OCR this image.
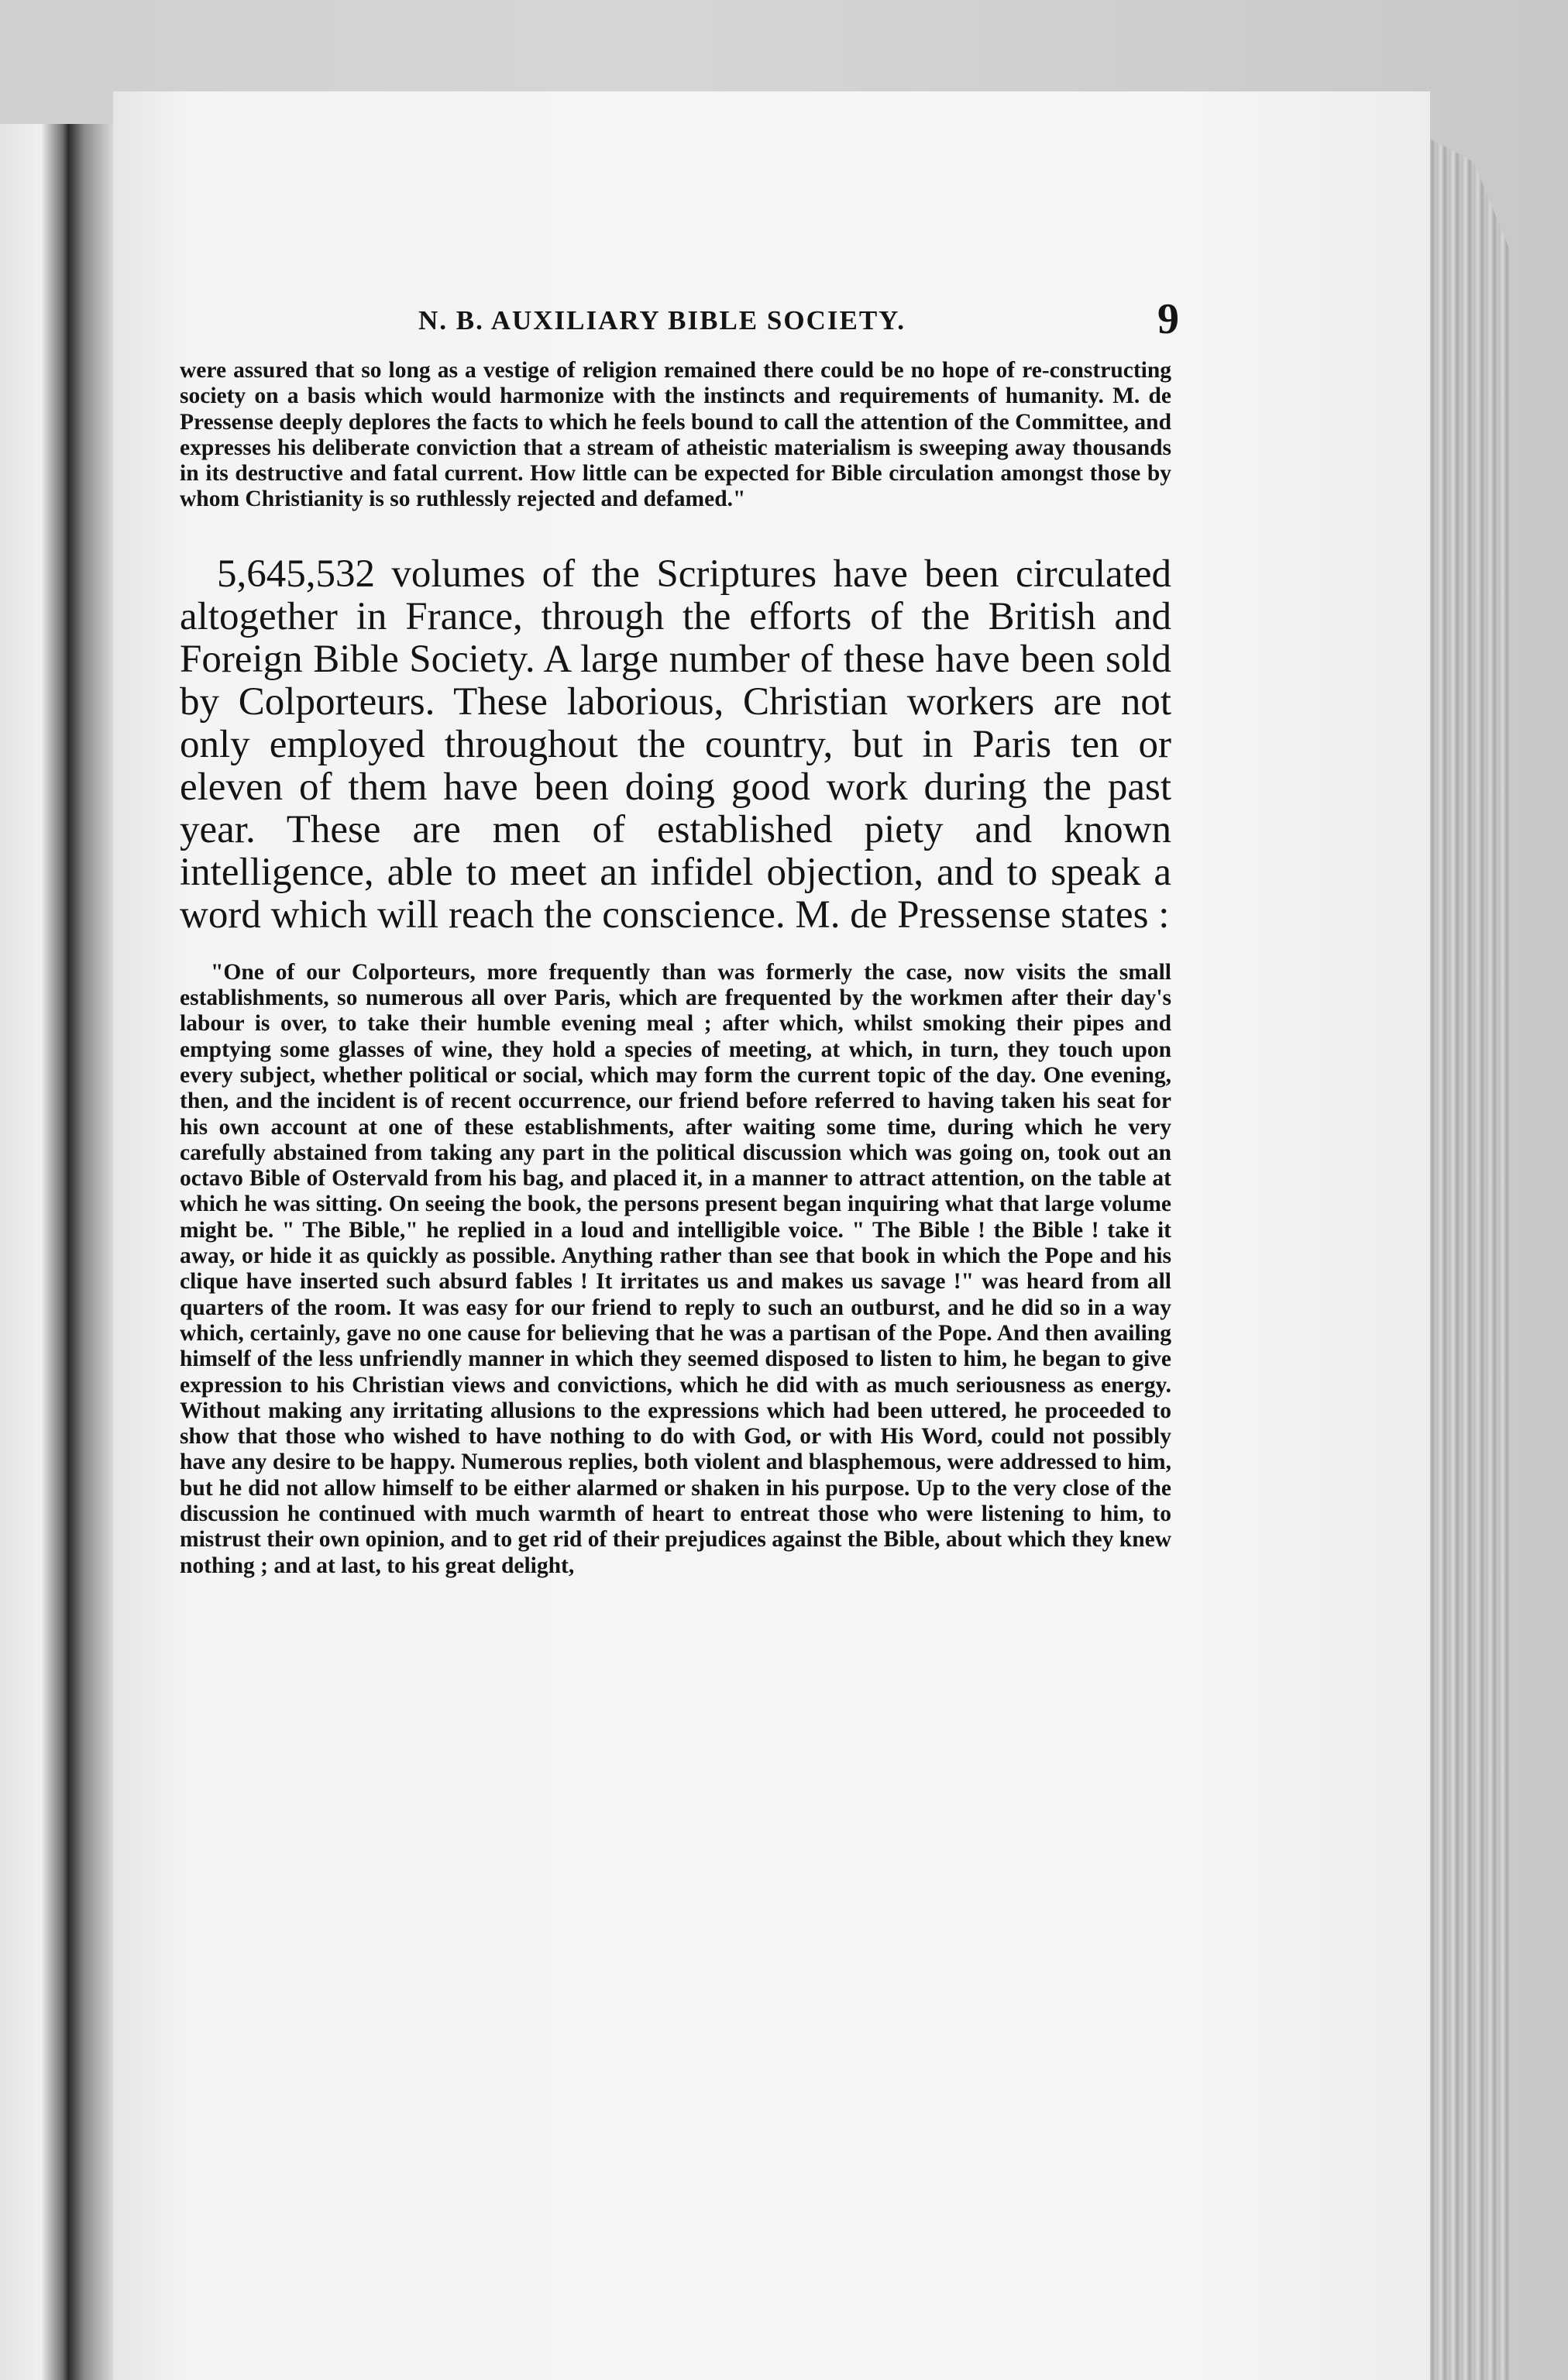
N. B. AUXILIARY BIBLE SOCIETY.	9

were assured that so long as a vestige of religion remained there could be no hope of re-constructing society on a basis which would harmonize with the instincts and requirements of humanity. M. de Pressense deeply deplores the facts to which he feels bound to call the attention of the Committee, and expresses his deliberate conviction that a stream of atheistic materialism is sweeping away thousands in its destructive and fatal current. How little can be expected for Bible circulation amongst those by whom Christianity is so ruthlessly rejected and defamed."

5,645,532 volumes of the Scriptures have been circulated altogether in France, through the efforts of the British and Foreign Bible Society. A large number of these have been sold by Colporteurs. These laborious, Christian workers are not only employed throughout the country, but in Paris ten or eleven of them have been doing good work during the past year. These are men of established piety and known intelligence, able to meet an infidel objection, and to speak a word which will reach the conscience. M. de Pressense states :

"One of our Colporteurs, more frequently than was formerly the case, now visits the small establishments, so numerous all over Paris, which are frequented by the workmen after their day's labour is over, to take their humble evening meal ; after which, whilst smoking their pipes and emptying some glasses of wine, they hold a species of meeting, at which, in turn, they touch upon every subject, whether political or social, which may form the current topic of the day. One evening, then, and the incident is of recent occurrence, our friend before referred to having taken his seat for his own account at one of these establishments, after waiting some time, during which he very carefully abstained from taking any part in the political discussion which was going on, took out an octavo Bible of Ostervald from his bag, and placed it, in a manner to attract attention, on the table at which he was sitting. On seeing the book, the persons present began inquiring what that large volume might be. " The Bible," he replied in a loud and intelligible voice. " The Bible ! the Bible ! take it away, or hide it as quickly as possible. Anything rather than see that book in which the Pope and his clique have inserted such absurd fables ! It irritates us and makes us savage !" was heard from all quarters of the room. It was easy for our friend to reply to such an outburst, and he did so in a way which, certainly, gave no one cause for believing that he was a partisan of the Pope. And then availing himself of the less unfriendly manner in which they seemed disposed to listen to him, he began to give expression to his Christian views and convictions, which he did with as much seriousness as energy. Without making any irritating allusions to the expressions which had been uttered, he proceeded to show that those who wished to have nothing to do with God, or with His Word, could not possibly have any desire to be happy. Numerous replies, both violent and blasphemous, were addressed to him, but he did not allow himself to be either alarmed or shaken in his purpose. Up to the very close of the discussion he continued with much warmth of heart to entreat those who were listening to him, to mistrust their own opinion, and to get rid of their prejudices against the Bible, about which they knew nothing ; and at last, to his great delight,
